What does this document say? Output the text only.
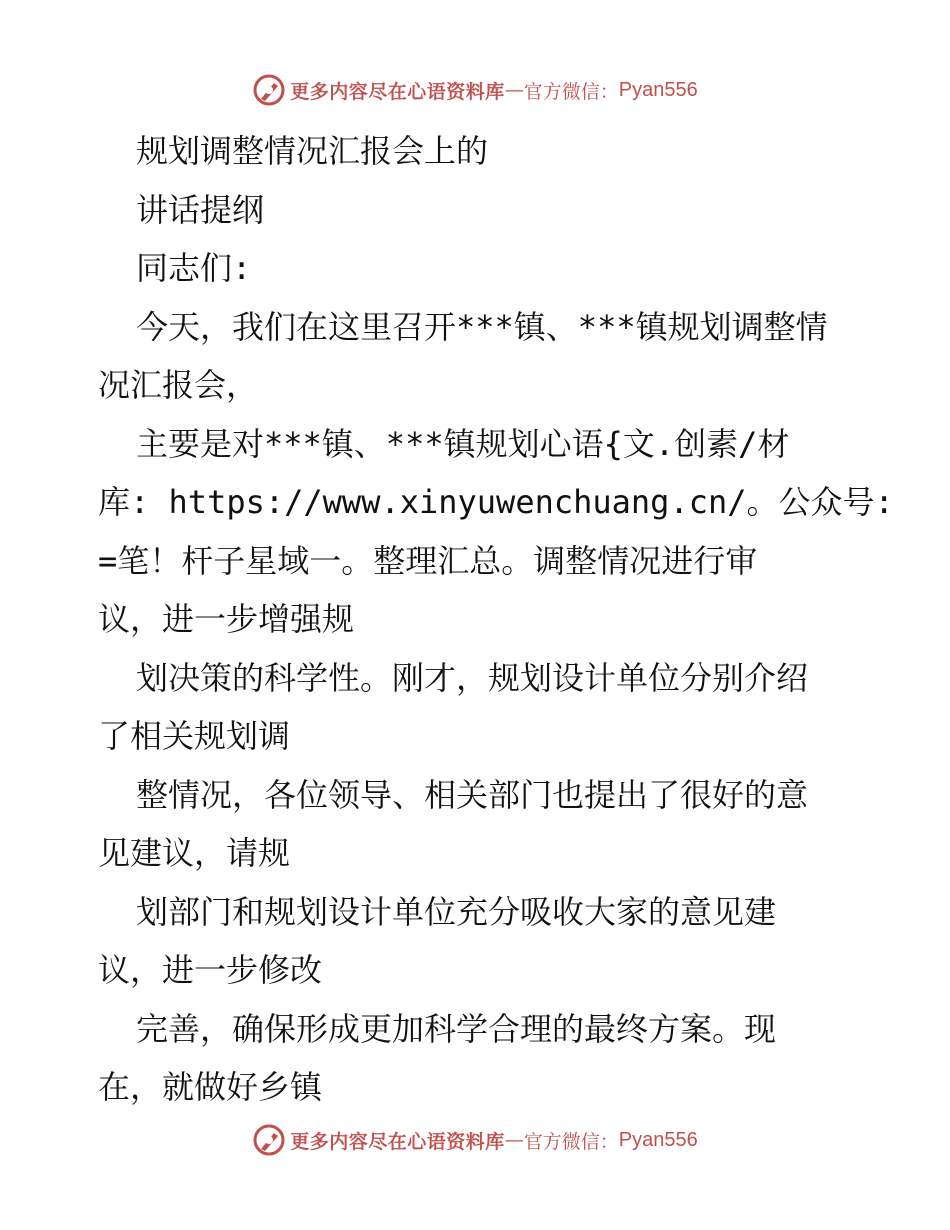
更多内容尽在心语资料库 — 官方微信： Pyan556
规划调整情况汇报会上的
讲话提纲
同志们:
今天，我们在这里召开***镇、***镇规划调整情
况汇报会，
主要是对***镇、***镇规划心语{文.创素/材
库: https://www.xinyuwenchuang.cn/。公众号:
=笔！杆子星域一。整理汇总。调整情况进行审
议，进一步增强规
划决策的科学性。刚才，规划设计单位分别介绍
了相关规划调
整情况，各位领导、相关部门也提出了很好的意
见建议，请规
划部门和规划设计单位充分吸收大家的意见建
议，进一步修改
完善，确保形成更加科学合理的最终方案。现
在，就做好乡镇
更多内容尽在心语资料库 — 官方微信： Pyan556
